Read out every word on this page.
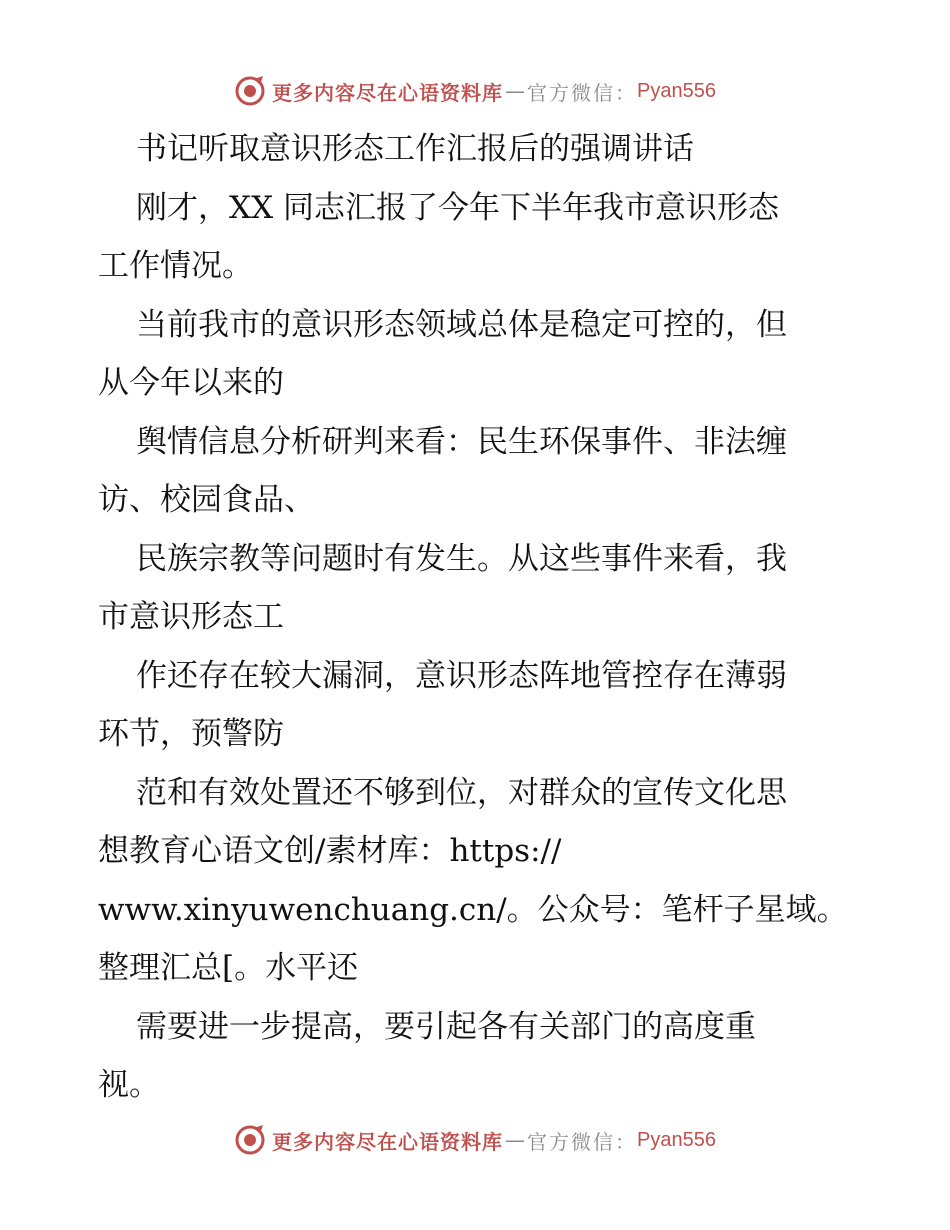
更多内容尽在心语资料库 — 官方微信： Pyan556
书记听取意识形态工作汇报后的强调讲话
刚才，XX 同志汇报了今年下半年我市意识形态
工作情况。
当前我市的意识形态领域总体是稳定可控的，但
从今年以来的
舆情信息分析研判来看：民生环保事件、非法缠
访、校园食品、
民族宗教等问题时有发生。从这些事件来看，我
市意识形态工
作还存在较大漏洞，意识形态阵地管控存在薄弱
环节，预警防
范和有效处置还不够到位，对群众的宣传文化思
想教育心语文创/素材库：https://
www.xinyuwenchuang.cn/。公众号：笔杆子星域。
整理汇总[。水平还
需要进一步提高，要引起各有关部门的高度重
视。
更多内容尽在心语资料库 — 官方微信： Pyan556
